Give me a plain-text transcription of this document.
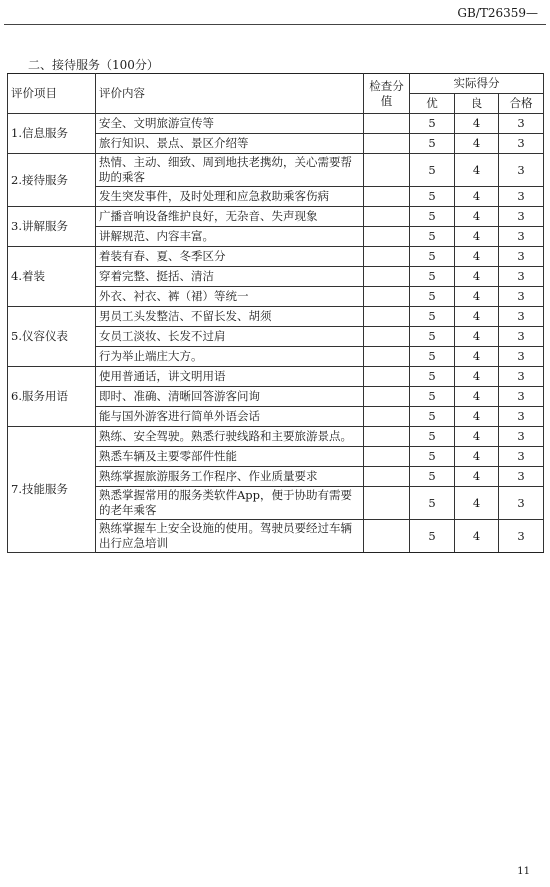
GB/T26359—
二、接待服务（100分）
评价项目	评价内容	检查分值	实际得分		
			优	良	合格
1.信息服务	安全、文明旅游宣传等		5	4	3
	旅行知识、景点、景区介绍等		5	4	3
2.接待服务	热情、主动、细致、周到地扶老携幼，关心需要帮助的乘客		5	4	3
	发生突发事件，及时处理和应急救助乘客伤病		5	4	3
3.讲解服务	广播音响设备维护良好，无杂音、失声现象		5	4	3
	讲解规范、内容丰富。		5	4	3
4.着装	着装有春、夏、冬季区分		5	4	3
	穿着完整、挺括、清洁		5	4	3
	外衣、衬衣、裤（裙）等统一		5	4	3
5.仪容仪表	男员工头发整洁、不留长发、胡须		5	4	3
	女员工淡妆、长发不过肩		5	4	3
	行为举止端庄大方。		5	4	3
6.服务用语	使用普通话，讲文明用语		5	4	3
	即时、准确、清晰回答游客问询		5	4	3
	能与国外游客进行简单外语会话		5	4	3
7.技能服务	熟练、安全驾驶。熟悉行驶线路和主要旅游景点。		5	4	3
	熟悉车辆及主要零部件性能		5	4	3
	熟练掌握旅游服务工作程序、作业质量要求		5	4	3
	熟悉掌握常用的服务类软件App，便于协助有需要的老年乘客		5	4	3
	熟练掌握车上安全设施的使用。驾驶员要经过车辆出行应急培训		5	4	3
11
